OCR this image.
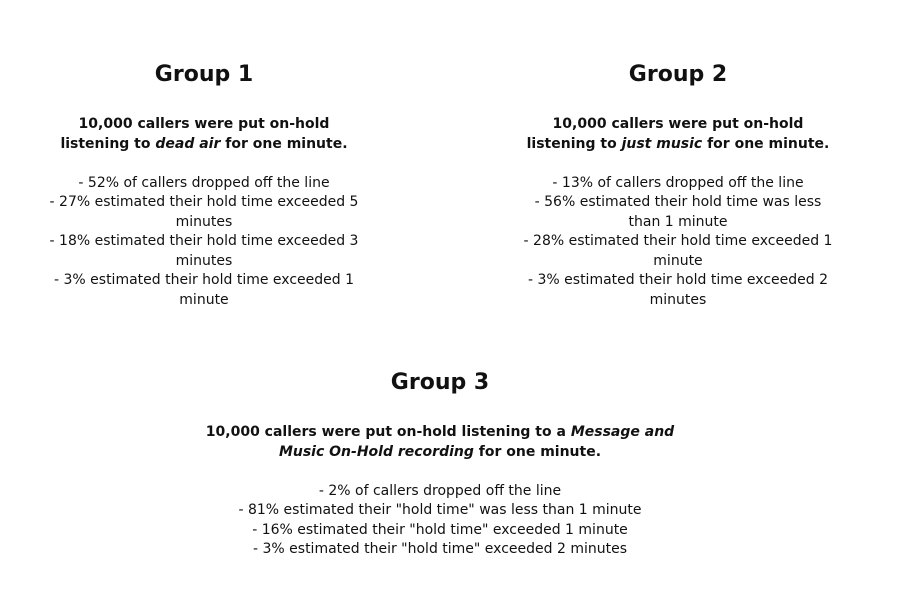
Group 1

10,000 callers were put on-hold listening to dead air for one minute.

- 52% of callers dropped off the line
- 27% estimated their hold time exceeded 5 minutes
- 18% estimated their hold time exceeded 3 minutes
- 3% estimated their hold time exceeded 1 minute
Group 2

10,000 callers were put on-hold listening to just music for one minute.

- 13% of callers dropped off the line
- 56% estimated their hold time was less than 1 minute
- 28% estimated their hold time exceeded 1 minute
- 3% estimated their hold time exceeded 2 minutes
Group 3

10,000 callers were put on-hold listening to a Message and Music On-Hold recording for one minute.

- 2% of callers dropped off the line
- 81% estimated their "hold time" was less than 1 minute
- 16% estimated their "hold time" exceeded 1 minute
- 3% estimated their "hold time" exceeded 2 minutes
